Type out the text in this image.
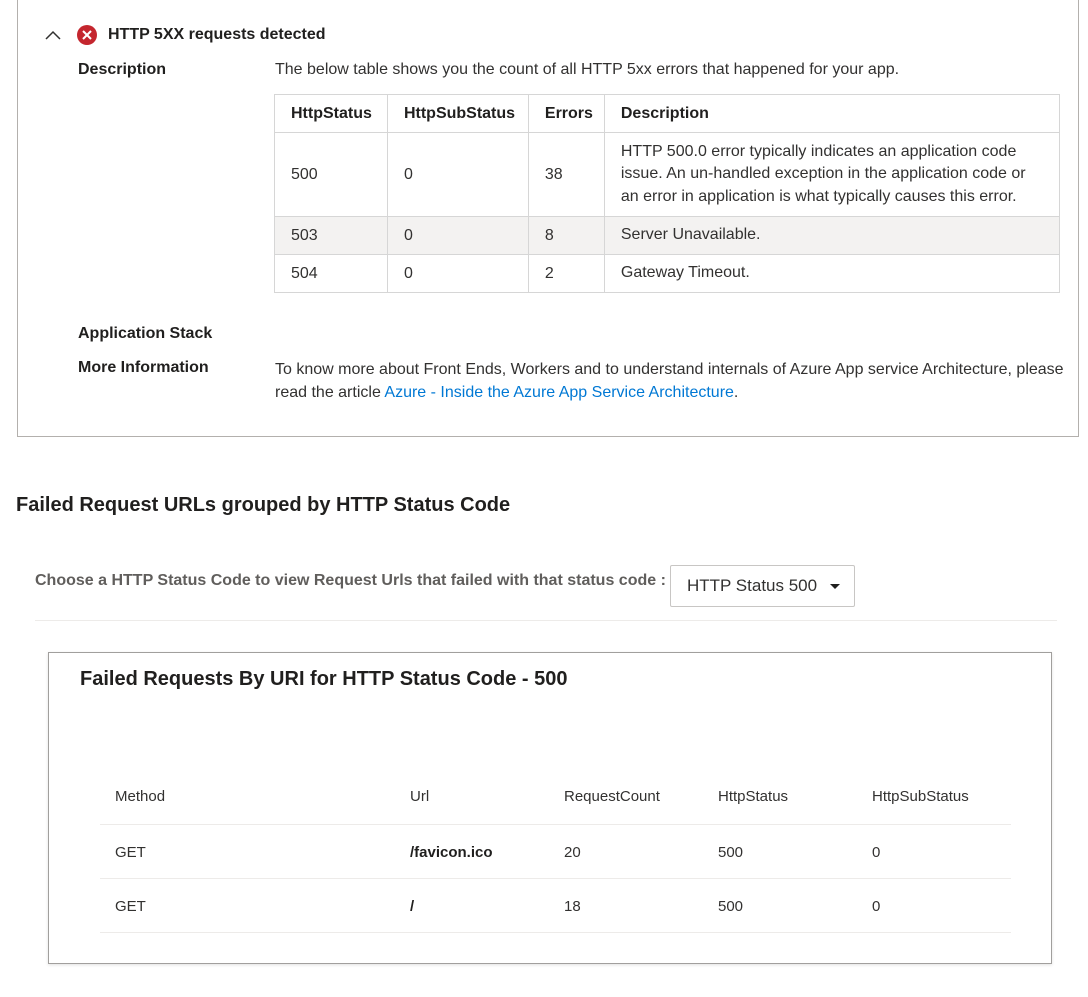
HTTP 5XX requests detected
Description	The below table shows you the count of all HTTP 5xx errors that happened for your app.
HttpStatus	HttpSubStatus	Errors	Description
500	0	38	HTTP 500.0 error typically indicates an application code issue. An un-handled exception in the application code or an error in application is what typically causes this error.
503	0	8	Server Unavailable.
504	0	2	Gateway Timeout.
Application Stack
More Information	To know more about Front Ends, Workers and to understand internals of Azure App service Architecture, please read the article Azure - Inside the Azure App Service Architecture.
Failed Request URLs grouped by HTTP Status Code
Choose a HTTP Status Code to view Request Urls that failed with that status code : HTTP Status 500
Failed Requests By URI for HTTP Status Code - 500
Method	Url	RequestCount	HttpStatus	HttpSubStatus
GET	/favicon.ico	20	500	0
GET	/	18	500	0
